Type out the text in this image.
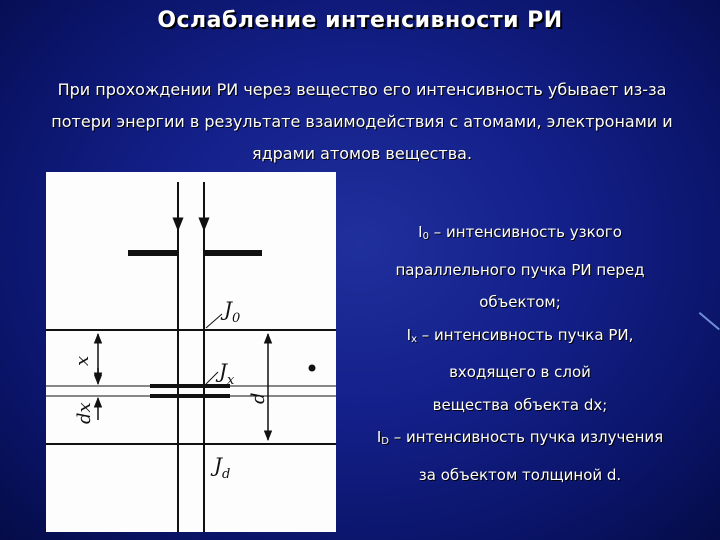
Ослабление интенсивности РИ
При прохождении РИ через вещество его интенсивность убывает из-за
потери энергии в результате взаимодействия с атомами, электронами и
ядрами атомов вещества.
$J_0$
$J_x$
$J_d$
x
dx
d
$I_0$ – интенсивность узкого
параллельного пучка РИ перед
объектом;
$I_x$ – интенсивность пучка РИ,
входящего в слой
вещества объекта dx;
$I_D$ – интенсивность пучка излучения
за объектом толщиной d.
